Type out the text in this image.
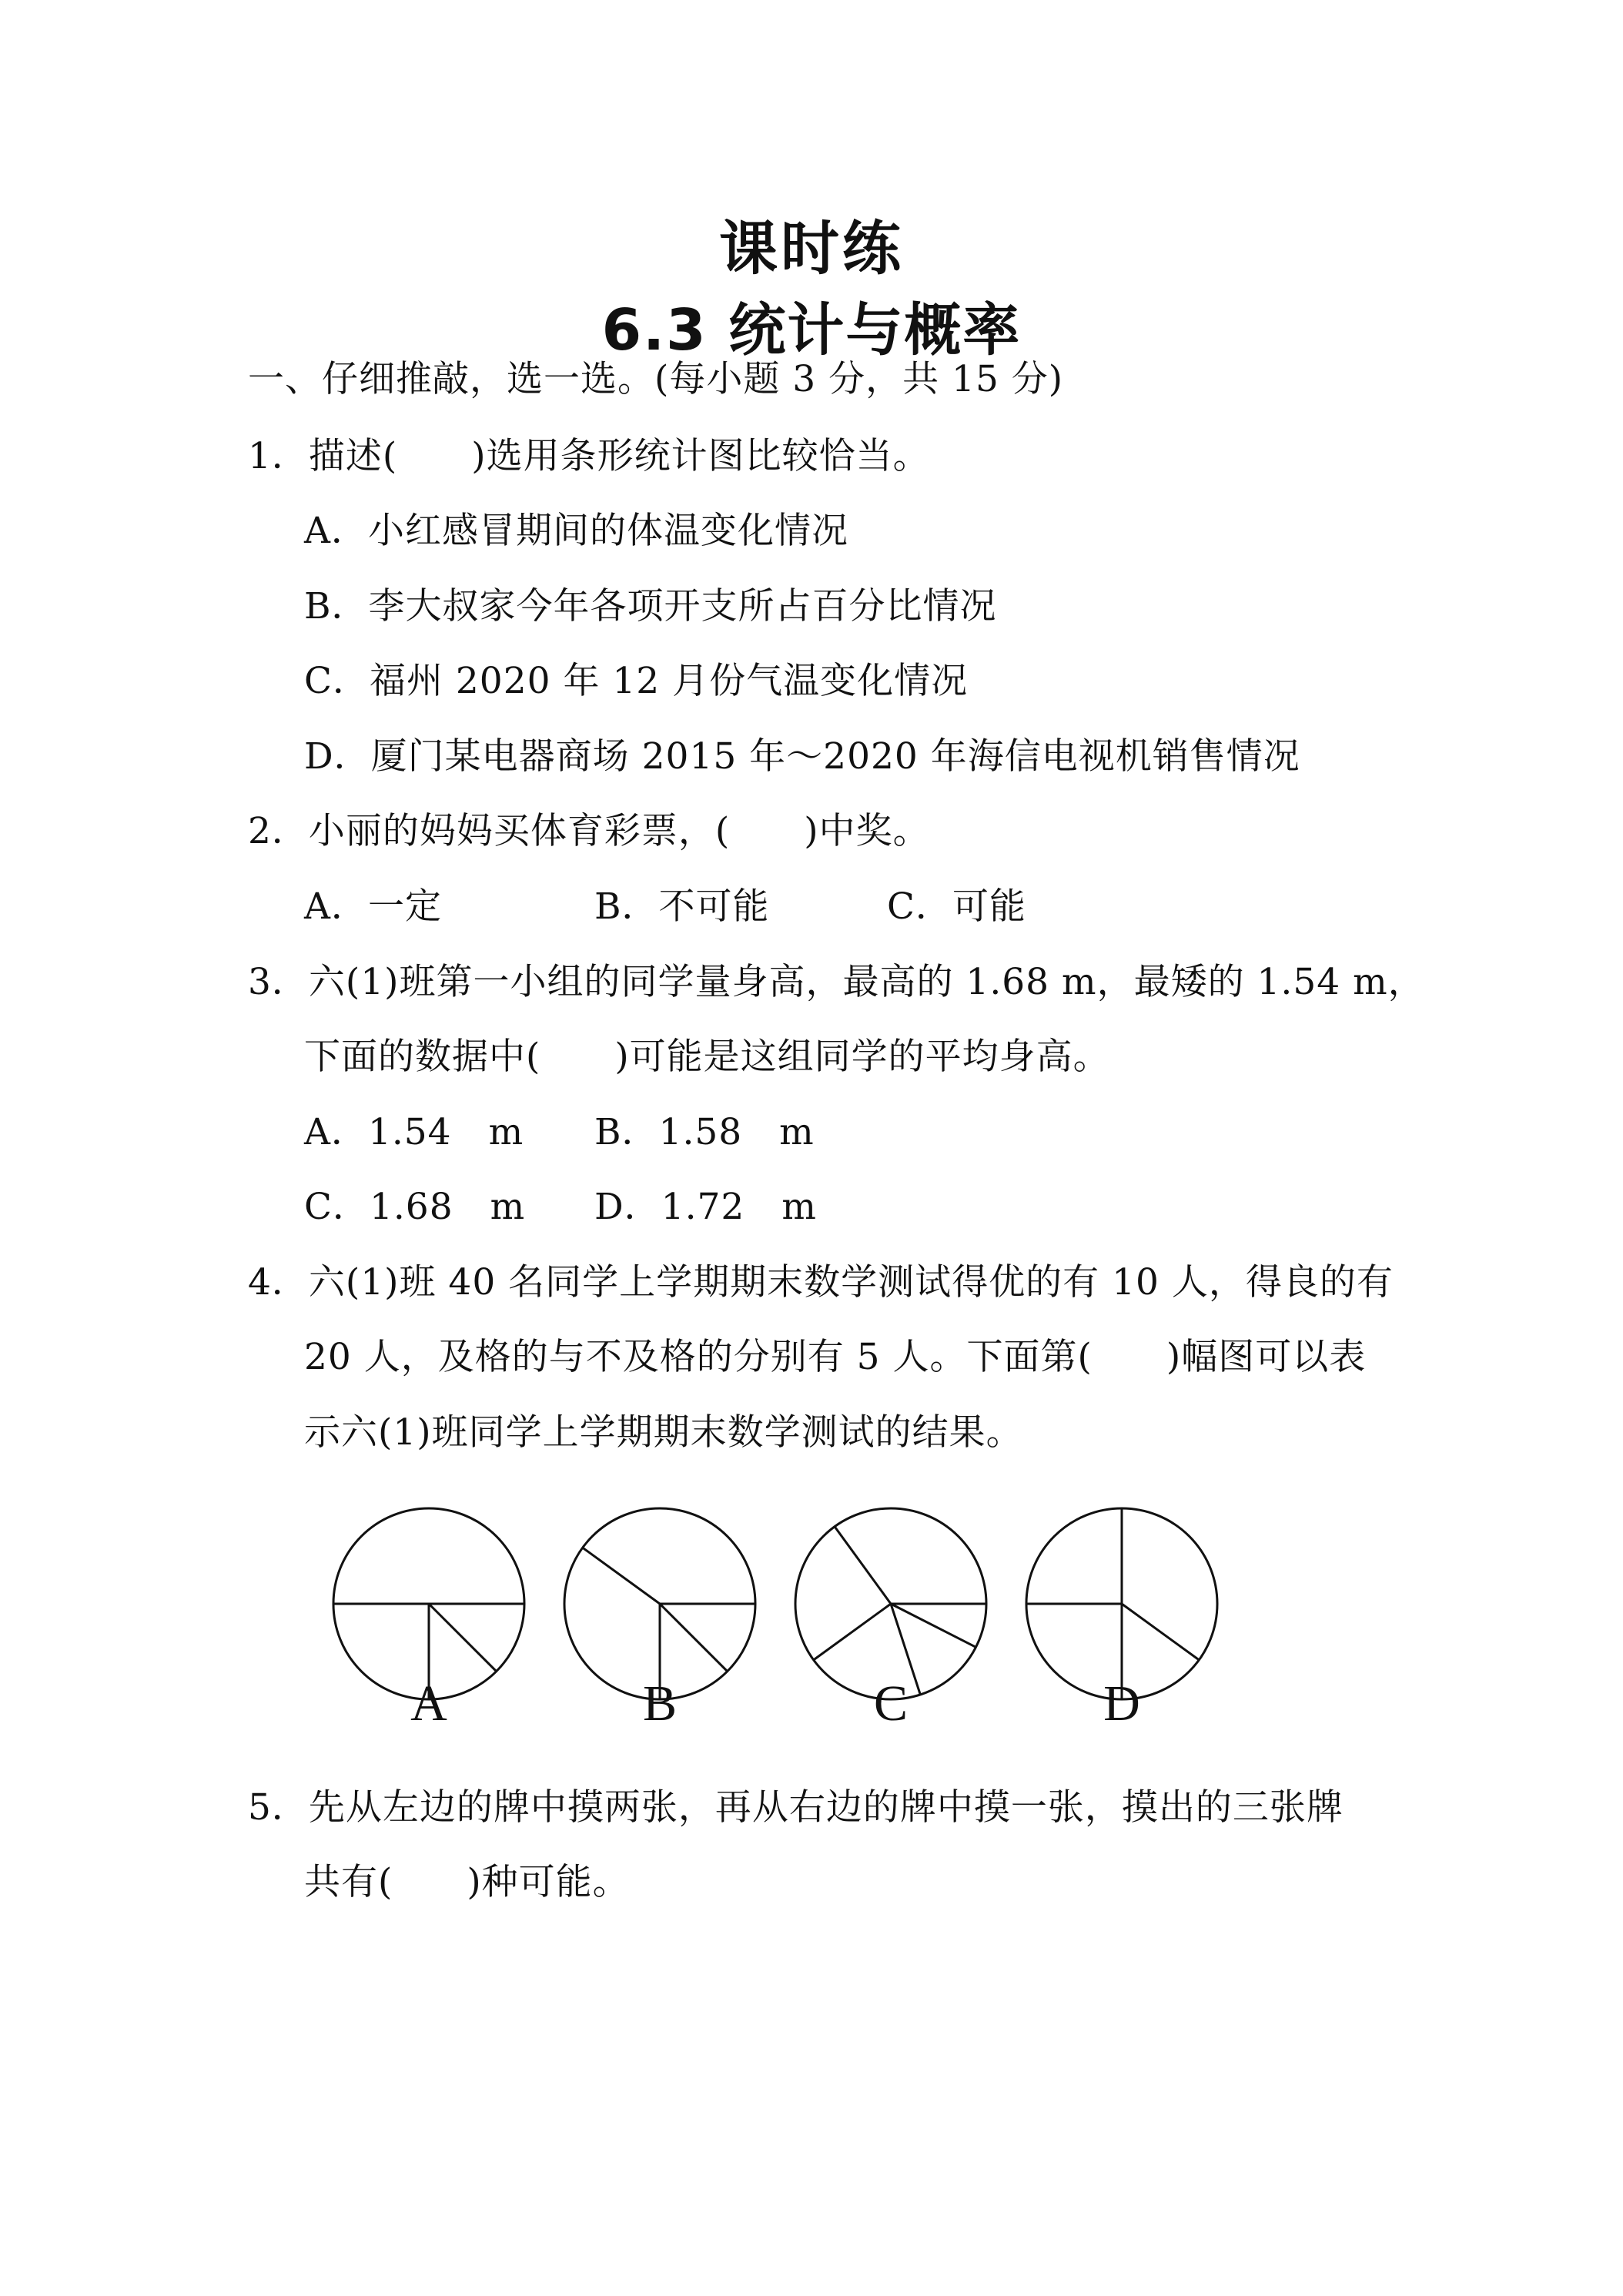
课时练
6.3 统计与概率
一、仔细推敲，选一选。(每小题 3 分，共 15 分)
1．描述(　　)选用条形统计图比较恰当。
A．小红感冒期间的体温变化情况
B．李大叔家今年各项开支所占百分比情况
C．福州 2020 年 12 月份气温变化情况
D．厦门某电器商场 2015 年～2020 年海信电视机销售情况
2．小丽的妈妈买体育彩票，(　　)中奖。
A．一定	B．不可能	C．可能
3．六(1)班第一小组的同学量身高，最高的 1.68 m，最矮的 1.54 m，
下面的数据中(　　)可能是这组同学的平均身高。
A．1.54　m B．1.58　m
C．1.68　m D．1.72　m
4．六(1)班 40 名同学上学期期末数学测试得优的有 10 人，得良的有
20 人，及格的与不及格的分别有 5 人。下面第(　　)幅图可以表
示六(1)班同学上学期期末数学测试的结果。
A	B	C	D
5．先从左边的牌中摸两张，再从右边的牌中摸一张，摸出的三张牌
共有(　　)种可能。
